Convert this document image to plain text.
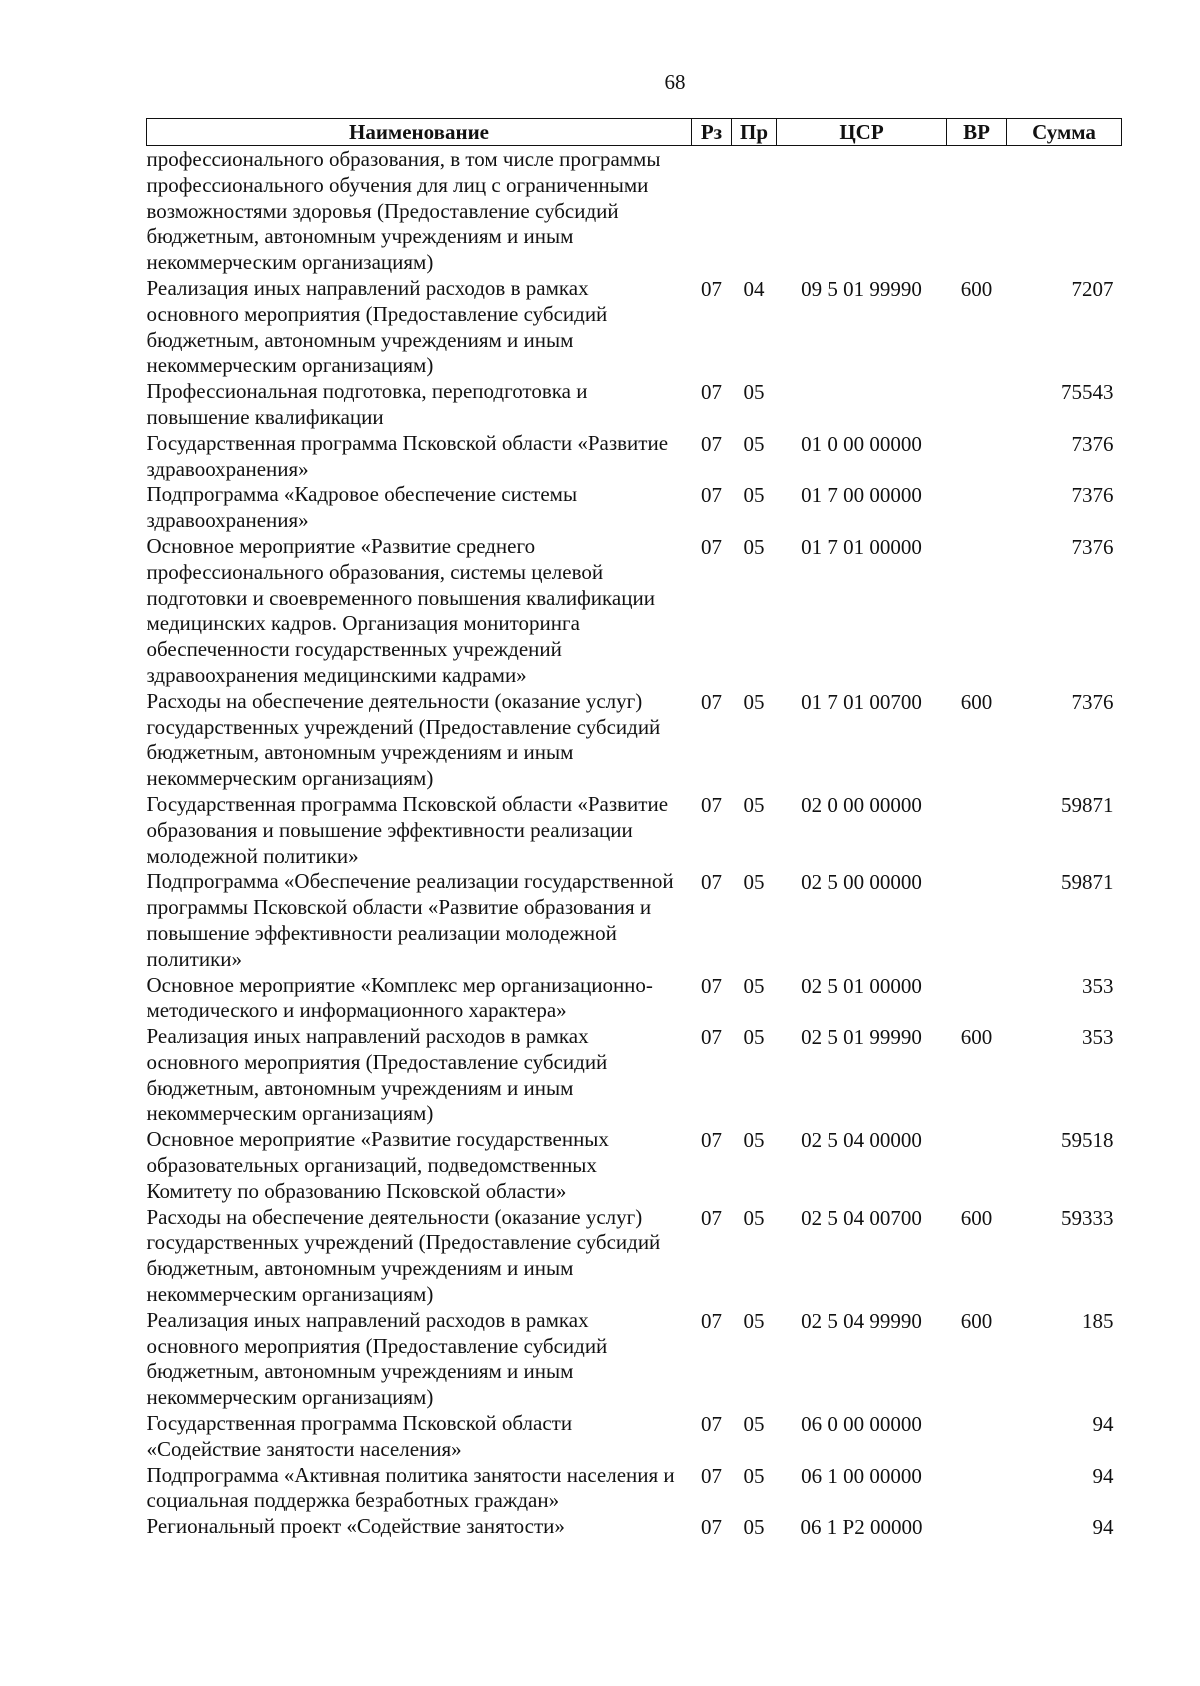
68
Наименование	Рз	Пр	ЦСР	ВР	Сумма
профессионального образования, в том числе программы профессионального обучения для лиц с ограниченными возможностями здоровья (Предоставление субсидий бюджетным, автономным учреждениям и иным некоммерческим организациям)					
Реализация иных направлений расходов в рамках основного мероприятия (Предоставление субсидий бюджетным, автономным учреждениям и иным некоммерческим организациям)	07	04	09 5 01 99990	600	7207
Профессиональная подготовка, переподготовка и повышение квалификации	07	05			75543
Государственная программа Псковской области «Развитие здравоохранения»	07	05	01 0 00 00000		7376
Подпрограмма «Кадровое обеспечение системы здравоохранения»	07	05	01 7 00 00000		7376
Основное мероприятие «Развитие среднего профессионального образования, системы целевой подготовки и своевременного повышения квалификации медицинских кадров. Организация мониторинга обеспеченности государственных учреждений здравоохранения медицинскими кадрами»	07	05	01 7 01 00000		7376
Расходы на обеспечение деятельности (оказание услуг) государственных учреждений (Предоставление субсидий бюджетным, автономным учреждениям и иным некоммерческим организациям)	07	05	01 7 01 00700	600	7376
Государственная программа Псковской области «Развитие образования и повышение эффективности реализации молодежной политики»	07	05	02 0 00 00000		59871
Подпрограмма «Обеспечение реализации государственной программы Псковской области «Развитие образования и повышение эффективности реализации молодежной политики»	07	05	02 5 00 00000		59871
Основное мероприятие «Комплекс мер организационно-методического и информационного характера»	07	05	02 5 01 00000		353
Реализация иных направлений расходов в рамках основного мероприятия (Предоставление субсидий бюджетным, автономным учреждениям и иным некоммерческим организациям)	07	05	02 5 01 99990	600	353
Основное мероприятие «Развитие государственных образовательных организаций, подведомственных Комитету по образованию Псковской области»	07	05	02 5 04 00000		59518
Расходы на обеспечение деятельности (оказание услуг) государственных учреждений (Предоставление субсидий бюджетным, автономным учреждениям и иным некоммерческим организациям)	07	05	02 5 04 00700	600	59333
Реализация иных направлений расходов в рамках основного мероприятия (Предоставление субсидий бюджетным, автономным учреждениям и иным некоммерческим организациям)	07	05	02 5 04 99990	600	185
Государственная программа Псковской области «Содействие занятости населения»	07	05	06 0 00 00000		94
Подпрограмма «Активная политика занятости населения и социальная поддержка безработных граждан»	07	05	06 1 00 00000		94
Региональный проект «Содействие занятости»	07	05	06 1 P2 00000		94
